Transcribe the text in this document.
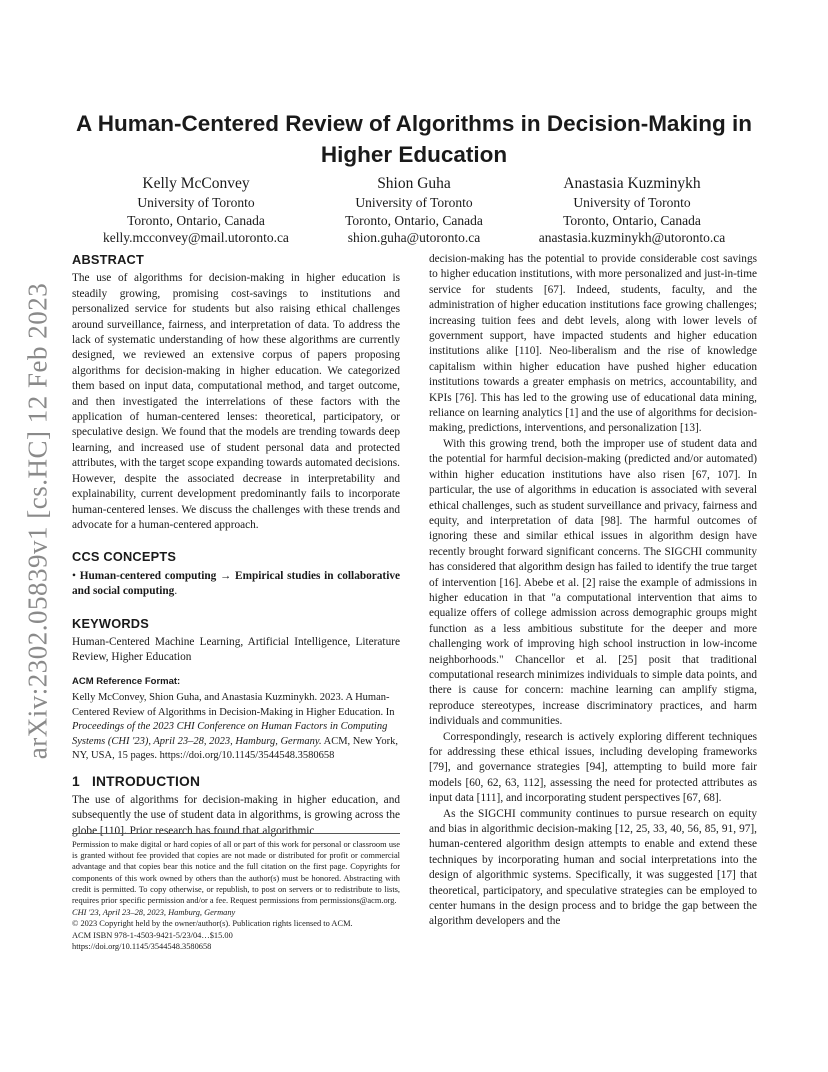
arXiv:2302.05839v1 [cs.HC] 12 Feb 2023
A Human-Centered Review of Algorithms in Decision-Making in Higher Education
Kelly McConvey
University of Toronto
Toronto, Ontario, Canada
kelly.mcconvey@mail.utoronto.ca
Shion Guha
University of Toronto
Toronto, Ontario, Canada
shion.guha@utoronto.ca
Anastasia Kuzminykh
University of Toronto
Toronto, Ontario, Canada
anastasia.kuzminykh@utoronto.ca
ABSTRACT

The use of algorithms for decision-making in higher education is steadily growing, promising cost-savings to institutions and personalized service for students but also raising ethical challenges around surveillance, fairness, and interpretation of data. To address the lack of systematic understanding of how these algorithms are currently designed, we reviewed an extensive corpus of papers proposing algorithms for decision-making in higher education. We categorized them based on input data, computational method, and target outcome, and then investigated the interrelations of these factors with the application of human-centered lenses: theoretical, participatory, or speculative design. We found that the models are trending towards deep learning, and increased use of student personal data and protected attributes, with the target scope expanding towards automated decisions. However, despite the associated decrease in interpretability and explainability, current development predominantly fails to incorporate human-centered lenses. We discuss the challenges with these trends and advocate for a human-centered approach.

CCS CONCEPTS

• Human-centered computing → Empirical studies in collaborative and social computing.

KEYWORDS

Human-Centered Machine Learning, Artificial Intelligence, Literature Review, Higher Education

ACM Reference Format:

Kelly McConvey, Shion Guha, and Anastasia Kuzminykh. 2023. A Human-Centered Review of Algorithms in Decision-Making in Higher Education. In Proceedings of the 2023 CHI Conference on Human Factors in Computing Systems (CHI '23), April 23–28, 2023, Hamburg, Germany. ACM, New York, NY, USA, 15 pages. https://doi.org/10.1145/3544548.3580658

1   INTRODUCTION

The use of algorithms for decision-making in higher education, and subsequently the use of student data in algorithms, is growing across the globe [110]. Prior research has found that algorithmic

Permission to make digital or hard copies of all or part of this work for personal or classroom use is granted without fee provided that copies are not made or distributed for profit or commercial advantage and that copies bear this notice and the full citation on the first page. Copyrights for components of this work owned by others than the author(s) must be honored. Abstracting with credit is permitted. To copy otherwise, or republish, to post on servers or to redistribute to lists, requires prior specific permission and/or a fee. Request permissions from permissions@acm.org.
CHI '23, April 23–28, 2023, Hamburg, Germany
© 2023 Copyright held by the owner/author(s). Publication rights licensed to ACM.
ACM ISBN 978-1-4503-9421-5/23/04…$15.00
https://doi.org/10.1145/3544548.3580658

decision-making has the potential to provide considerable cost savings to higher education institutions, with more personalized and just-in-time service for students [67]. Indeed, students, faculty, and the administration of higher education institutions face growing challenges; increasing tuition fees and debt levels, along with lower levels of government support, have impacted students and higher education institutions alike [110]. Neo-liberalism and the rise of knowledge capitalism within higher education have pushed higher education institutions towards a greater emphasis on metrics, accountability, and KPIs [76]. This has led to the growing use of educational data mining, reliance on learning analytics [1] and the use of algorithms for decision-making, predictions, interventions, and personalization [13].

With this growing trend, both the improper use of student data and the potential for harmful decision-making (predicted and/or automated) within higher education institutions have also risen [67, 107]. In particular, the use of algorithms in education is associated with several ethical challenges, such as student surveillance and privacy, fairness and equity, and interpretation of data [98]. The harmful outcomes of ignoring these and similar ethical issues in algorithm design have recently brought forward significant concerns. The SIGCHI community has considered that algorithm design has failed to identify the true target of intervention [16]. Abebe et al. [2] raise the example of admissions in higher education in that "a computational intervention that aims to equalize offers of college admission across demographic groups might function as a less ambitious substitute for the deeper and more challenging work of improving high school instruction in low-income neighborhoods." Chancellor et al. [25] posit that traditional computational research minimizes individuals to simple data points, and there is cause for concern: machine learning can amplify stigma, reproduce stereotypes, increase discriminatory practices, and harm individuals and communities.

Correspondingly, research is actively exploring different techniques for addressing these ethical issues, including developing frameworks [79], and governance strategies [94], attempting to build more fair models [60, 62, 63, 112], assessing the need for protected attributes as input data [111], and incorporating student perspectives [67, 68].

As the SIGCHI community continues to pursue research on equity and bias in algorithmic decision-making [12, 25, 33, 40, 56, 85, 91, 97], human-centered algorithm design attempts to enable and extend these techniques by incorporating human and social interpretations into the design of algorithmic systems. Specifically, it was suggested [17] that theoretical, participatory, and speculative strategies can be employed to center humans in the design process and to bridge the gap between the algorithm developers and the
